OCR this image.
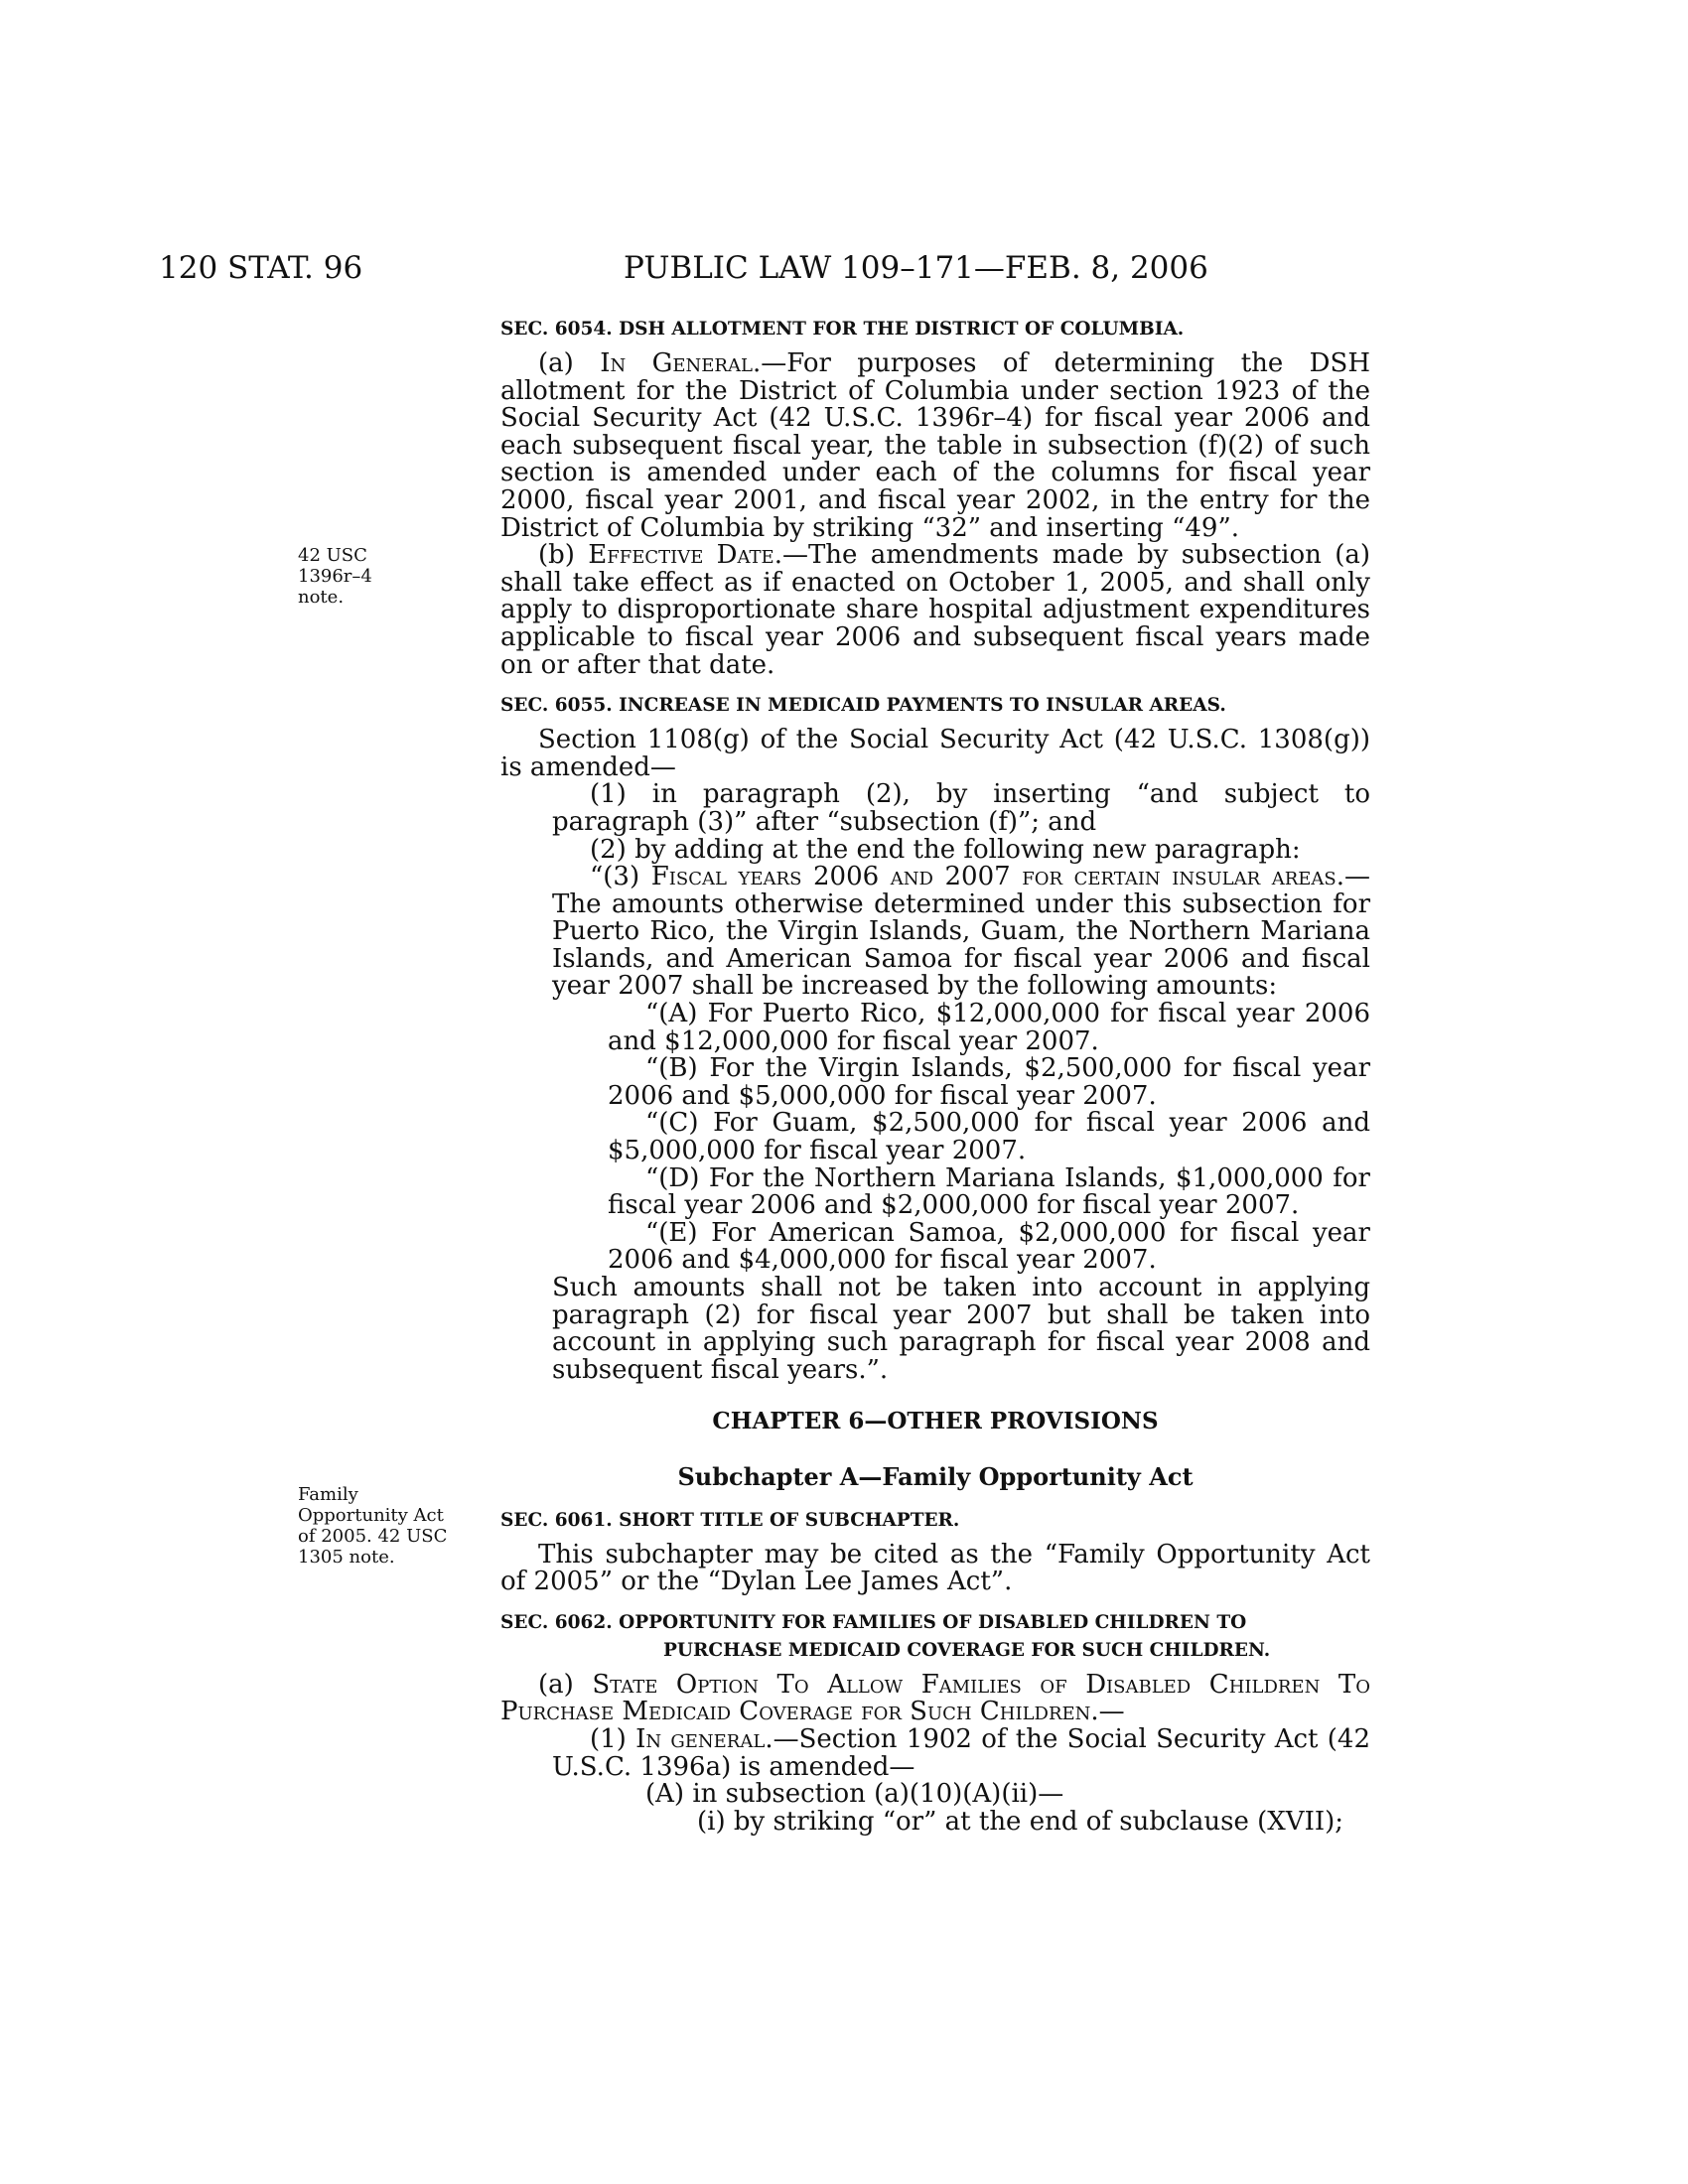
120 STAT. 96	PUBLIC LAW 109–171—FEB. 8, 2006
42 USC 1396r–4 note.
Family Opportunity Act of 2005. 42 USC 1305 note.

SEC. 6054. DSH ALLOTMENT FOR THE DISTRICT OF COLUMBIA.

(a) In General.—For purposes of determining the DSH allotment for the District of Columbia under section 1923 of the Social Security Act (42 U.S.C. 1396r–4) for fiscal year 2006 and each subsequent fiscal year, the table in subsection (f)(2) of such section is amended under each of the columns for fiscal year 2000, fiscal year 2001, and fiscal year 2002, in the entry for the District of Columbia by striking “32” and inserting “49”.

(b) Effective Date.—The amendments made by subsection (a) shall take effect as if enacted on October 1, 2005, and shall only apply to disproportionate share hospital adjustment expenditures applicable to fiscal year 2006 and subsequent fiscal years made on or after that date.

SEC. 6055. INCREASE IN MEDICAID PAYMENTS TO INSULAR AREAS.

Section 1108(g) of the Social Security Act (42 U.S.C. 1308(g)) is amended—

(1) in paragraph (2), by inserting “and subject to paragraph (3)” after “subsection (f)”; and

(2) by adding at the end the following new paragraph:

“(3) Fiscal years 2006 and 2007 for certain insular areas.—The amounts otherwise determined under this subsection for Puerto Rico, the Virgin Islands, Guam, the Northern Mariana Islands, and American Samoa for fiscal year 2006 and fiscal year 2007 shall be increased by the following amounts:

“(A) For Puerto Rico, $12,000,000 for fiscal year 2006 and $12,000,000 for fiscal year 2007.

“(B) For the Virgin Islands, $2,500,000 for fiscal year 2006 and $5,000,000 for fiscal year 2007.

“(C) For Guam, $2,500,000 for fiscal year 2006 and $5,000,000 for fiscal year 2007.

“(D) For the Northern Mariana Islands, $1,000,000 for fiscal year 2006 and $2,000,000 for fiscal year 2007.

“(E) For American Samoa, $2,000,000 for fiscal year 2006 and $4,000,000 for fiscal year 2007.

Such amounts shall not be taken into account in applying paragraph (2) for fiscal year 2007 but shall be taken into account in applying such paragraph for fiscal year 2008 and subsequent fiscal years.”.

CHAPTER 6—OTHER PROVISIONS

Subchapter A—Family Opportunity Act

SEC. 6061. SHORT TITLE OF SUBCHAPTER.

This subchapter may be cited as the “Family Opportunity Act of 2005” or the “Dylan Lee James Act”.

SEC. 6062. OPPORTUNITY FOR FAMILIES OF DISABLED CHILDREN TO PURCHASE MEDICAID COVERAGE FOR SUCH CHILDREN.

(a) State Option To Allow Families of Disabled Children To Purchase Medicaid Coverage for Such Children.—

(1) In general.—Section 1902 of the Social Security Act (42 U.S.C. 1396a) is amended—

(A) in subsection (a)(10)(A)(ii)—

(i) by striking “or” at the end of subclause (XVII);
